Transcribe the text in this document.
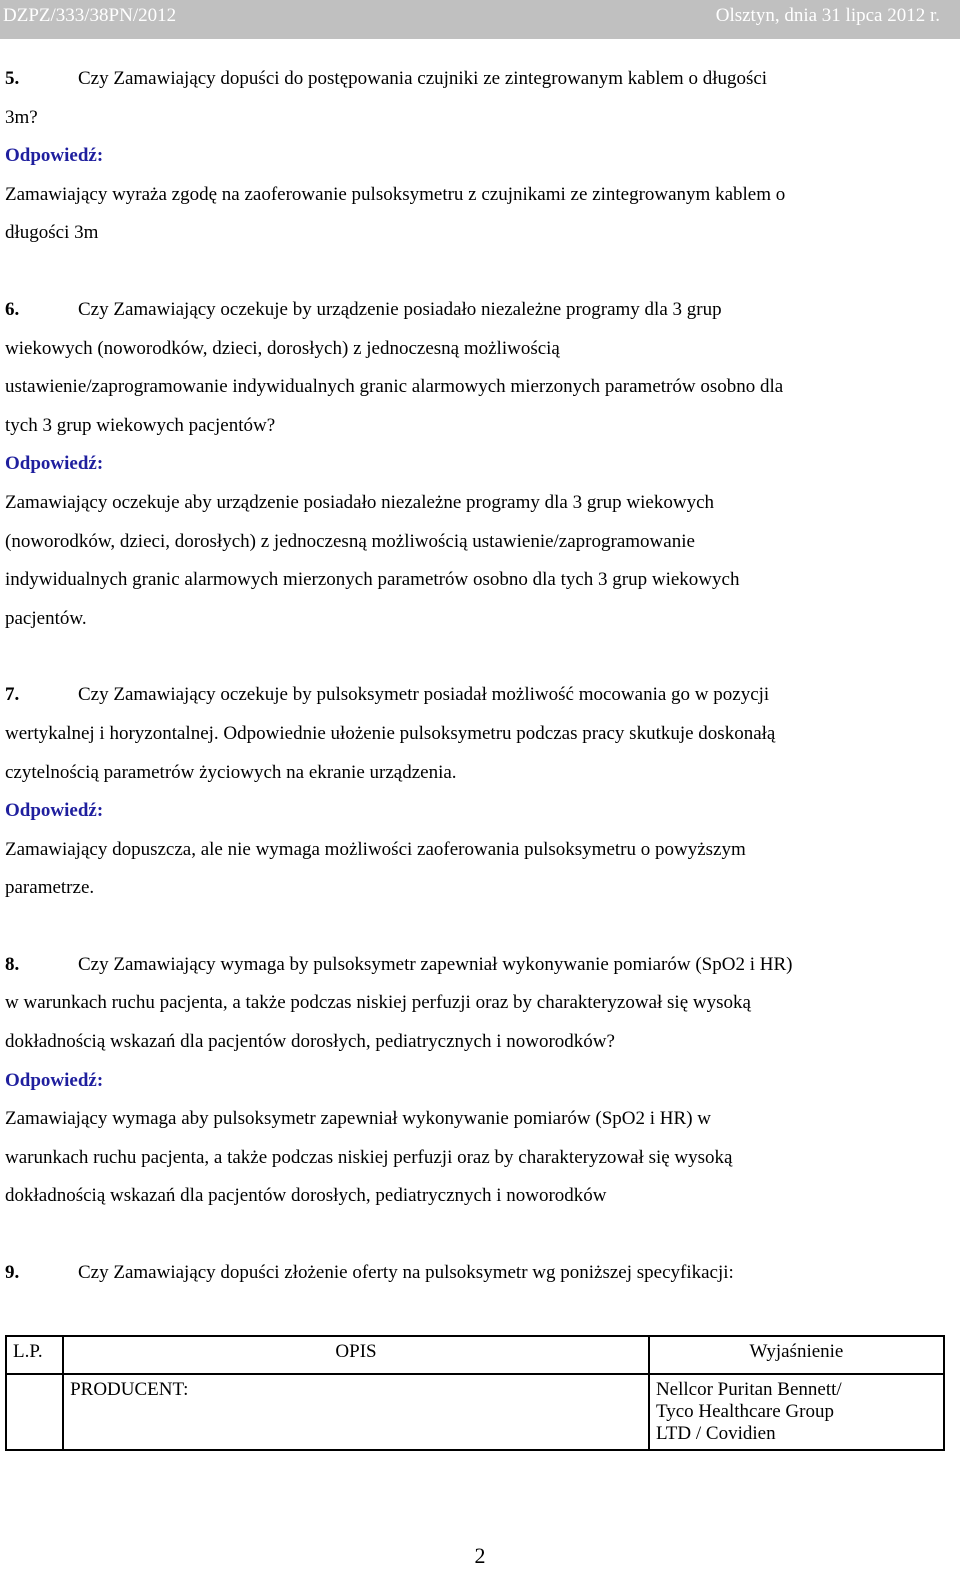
DZPZ/333/38PN/2012	Olsztyn, dnia 31 lipca 2012 r.

5.	Czy Zamawiający dopuści do postępowania czujniki ze zintegrowanym kablem o długości

3m?

Odpowiedź:

Zamawiający wyraża zgodę na zaoferowanie pulsoksymetru z czujnikami ze zintegrowanym kablem o

długości 3m

6.	Czy Zamawiający oczekuje by urządzenie posiadało niezależne programy dla 3 grup

wiekowych (noworodków, dzieci, dorosłych) z jednoczesną możliwością

ustawienie/zaprogramowanie indywidualnych granic alarmowych mierzonych parametrów osobno dla

tych 3 grup wiekowych pacjentów?

Odpowiedź:

Zamawiający oczekuje aby urządzenie posiadało niezależne programy dla 3 grup wiekowych

(noworodków, dzieci, dorosłych) z jednoczesną możliwością ustawienie/zaprogramowanie

indywidualnych granic alarmowych mierzonych parametrów osobno dla tych 3 grup wiekowych

pacjentów.

7.	Czy Zamawiający oczekuje by pulsoksymetr posiadał możliwość mocowania go w pozycji

wertykalnej i horyzontalnej. Odpowiednie ułożenie pulsoksymetru podczas pracy skutkuje doskonałą

czytelnością parametrów życiowych na ekranie urządzenia.

Odpowiedź:

Zamawiający dopuszcza, ale nie wymaga możliwości zaoferowania pulsoksymetru o powyższym

parametrze.

8.	Czy Zamawiający wymaga by pulsoksymetr zapewniał wykonywanie pomiarów (SpO2 i HR)

w warunkach ruchu pacjenta, a także podczas niskiej perfuzji oraz by charakteryzował się wysoką

dokładnością wskazań dla pacjentów dorosłych, pediatrycznych i noworodków?

Odpowiedź:

Zamawiający wymaga aby pulsoksymetr zapewniał wykonywanie pomiarów (SpO2 i HR) w

warunkach ruchu pacjenta, a także podczas niskiej perfuzji oraz by charakteryzował się wysoką

dokładnością wskazań dla pacjentów dorosłych, pediatrycznych i noworodków

9.	Czy Zamawiający dopuści złożenie oferty na pulsoksymetr wg poniższej specyfikacji:

L.P.	OPIS	Wyjaśnienie
	PRODUCENT:	Nellcor Puritan Bennett/
Tyco Healthcare Group
LTD / Covidien
2
